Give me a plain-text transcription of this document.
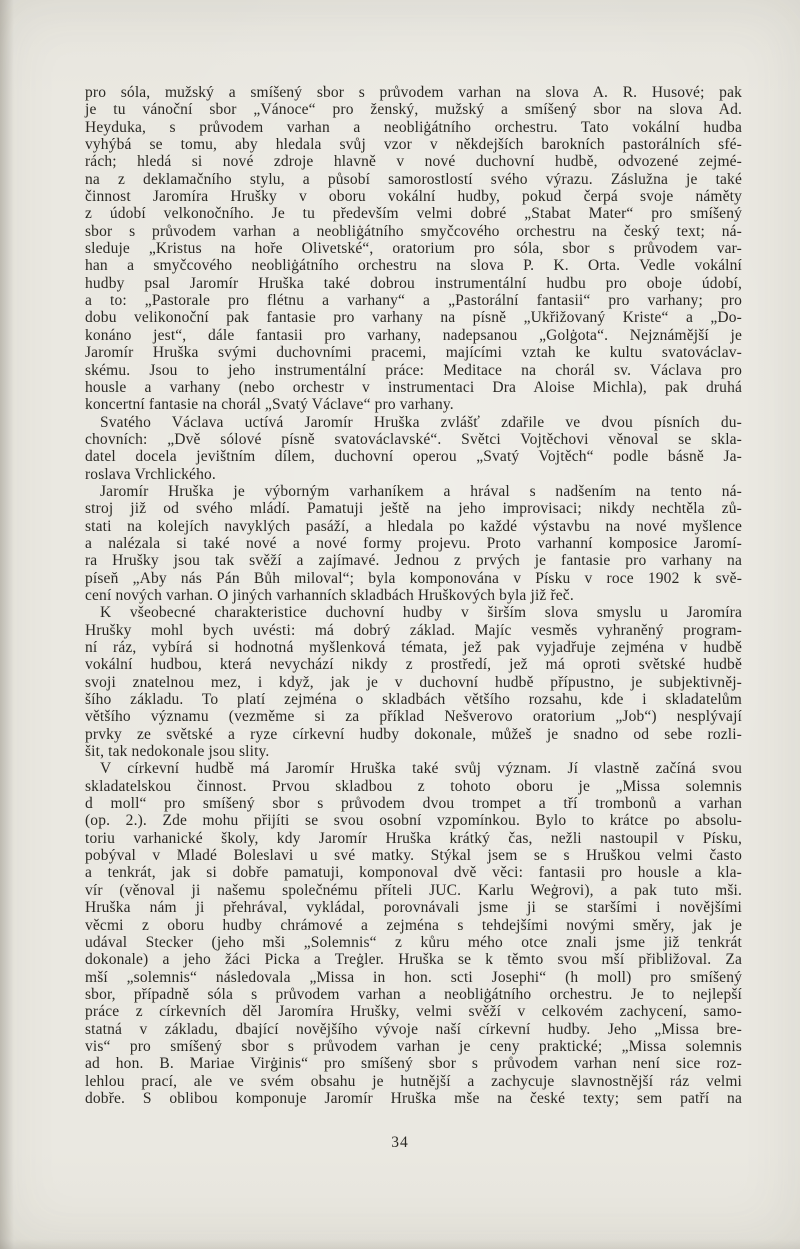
pro sóla, mužský a smíšený sbor s průvodem varhan na slova A. R. Husové; pak
je tu vánoční sbor „Vánoce“ pro ženský, mužský a smíšený sbor na slova Ad.
Heyduka, s průvodem varhan a neobliġátního orchestru. Tato vokální hudba
vyhýbá se tomu, aby hledala svůj vzor v někdejších barokních pastorálních sfé-
rách; hledá si nové zdroje hlavně v nové duchovní hudbě, odvozené zejmé-
na z deklamačního stylu, a působí samorostlostí svého výrazu. Záslužna je také
činnost Jaromíra Hrušky v oboru vokální hudby, pokud čerpá svoje náměty
z údobí velkonočního. Je tu především velmi dobré „Stabat Mater“ pro smíšený
sbor s průvodem varhan a neobliġátního smyčcového orchestru na český text; ná-
sleduje „Kristus na hoře Olivetské“, oratorium pro sóla, sbor s průvodem var-
han a smyčcového neobliġátního orchestru na slova P. K. Orta. Vedle vokální
hudby psal Jaromír Hruška také dobrou instrumentální hudbu pro oboje údobí,
a to: „Pastorale pro flétnu a varhany“ a „Pastorální fantasii“ pro varhany; pro
dobu velikonoční pak fantasie pro varhany na písně „Ukřižovaný Kriste“ a „Do-
konáno jest“, dále fantasii pro varhany, nadepsanou „Golġota“. Nejznámější je
Jaromír Hruška svými duchovními pracemi, majícími vztah ke kultu svatováclav-
skému. Jsou to jeho instrumentální práce: Meditace na chorál sv. Václava pro
housle a varhany (nebo orchestr v instrumentaci Dra Aloise Michla), pak druhá
koncertní fantasie na chorál „Svatý Václave“ pro varhany.
Svatého Václava uctívá Jaromír Hruška zvlášť zdařile ve dvou písních du-
chovních: „Dvě sólové písně svatováclavské“. Světci Vojtěchovi věnoval se skla-
datel docela jevištním dílem, duchovní operou „Svatý Vojtěch“ podle básně Ja-
roslava Vrchlického.
Jaromír Hruška je výborným varhaníkem a hrával s nadšením na tento ná-
stroj již od svého mládí. Pamatuji ještě na jeho improvisaci; nikdy nechtěla zů-
stati na kolejích navyklých pasáží, a hledala po každé výstavbu na nové myšlence
a nalézala si také nové a nové formy projevu. Proto varhanní komposice Jaromí-
ra Hrušky jsou tak svěží a zajímavé. Jednou z prvých je fantasie pro varhany na
píseň „Aby nás Pán Bůh miloval“; byla komponována v Písku v roce 1902 k svě-
cení nových varhan. O jiných varhanních skladbách Hruškových byla již řeč.
K všeobecné charakteristice duchovní hudby v širším slova smyslu u Jaromíra
Hrušky mohl bych uvésti: má dobrý základ. Majíc vesměs vyhraněný program-
ní ráz, vybírá si hodnotná myšlenková témata, jež pak vyjadřuje zejména v hudbě
vokální hudbou, která nevychází nikdy z prostředí, jež má oproti světské hudbě
svoji znatelnou mez, i když, jak je v duchovní hudbě přípustno, je subjektivněj-
šího základu. To platí zejména o skladbách většího rozsahu, kde i skladatelům
většího významu (vezměme si za příklad Nešverovo oratorium „Job“) nesplývají
prvky ze světské a ryze církevní hudby dokonale, můžeš je snadno od sebe rozli-
šit, tak nedokonale jsou slity.
V církevní hudbě má Jaromír Hruška také svůj význam. Jí vlastně začíná svou
skladatelskou činnost. Prvou skladbou z tohoto oboru je „Missa solemnis
d moll“ pro smíšený sbor s průvodem dvou trompet a tří trombonů a varhan
(op. 2.). Zde mohu přijíti se svou osobní vzpomínkou. Bylo to krátce po absolu-
toriu varhanické školy, kdy Jaromír Hruška krátký čas, nežli nastoupil v Písku,
pobýval v Mladé Boleslavi u své matky. Stýkal jsem se s Hruškou velmi často
a tenkrát, jak si dobře pamatuji, komponoval dvě věci: fantasii pro housle a kla-
vír (věnoval ji našemu společnému příteli JUC. Karlu Weġrovi), a pak tuto mši.
Hruška nám ji přehrával, vykládal, porovnávali jsme ji se staršími i novějšími
věcmi z oboru hudby chrámové a zejména s tehdejšími novými směry, jak je
udával Stecker (jeho mši „Solemnis“ z kůru mého otce znali jsme již tenkrát
dokonale) a jeho žáci Picka a Treġler. Hruška se k těmto svou mší přibližoval. Za
mší „solemnis“ následovala „Missa in hon. scti Josephi“ (h moll) pro smíšený
sbor, případně sóla s průvodem varhan a neobliġátního orchestru. Je to nejlepší
práce z církevních děl Jaromíra Hrušky, velmi svěží v celkovém zachycení, samo-
statná v základu, dbající novějšího vývoje naší církevní hudby. Jeho „Missa bre-
vis“ pro smíšený sbor s průvodem varhan je ceny praktické; „Missa solemnis
ad hon. B. Mariae Virġinis“ pro smíšený sbor s průvodem varhan není sice roz-
lehlou prací, ale ve svém obsahu je hutnější a zachycuje slavnostnější ráz velmi
dobře. S oblibou komponuje Jaromír Hruška mše na české texty; sem patří na
34
